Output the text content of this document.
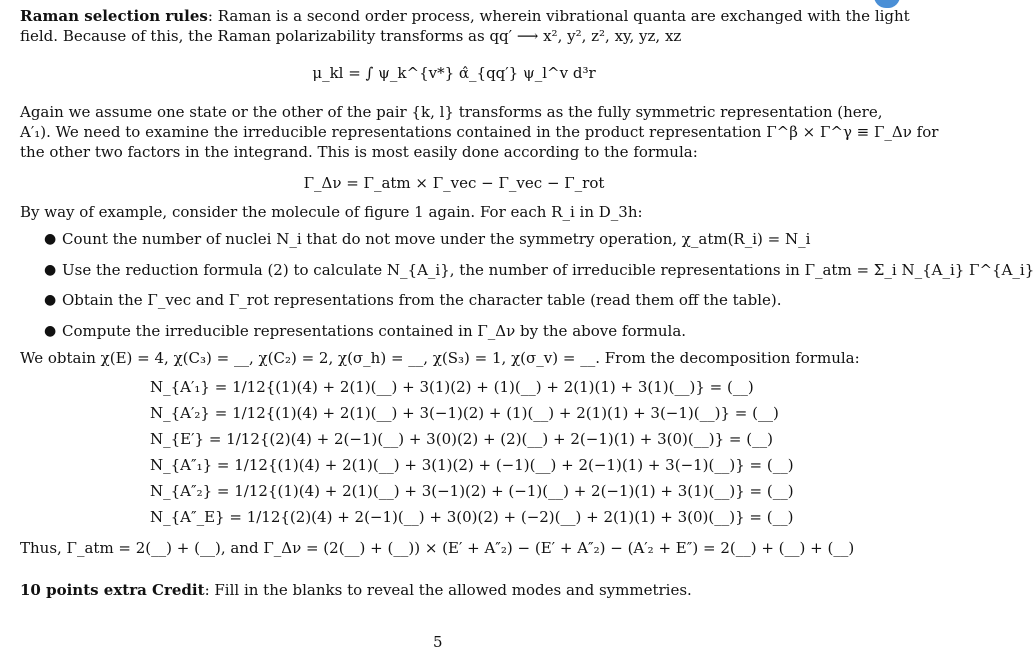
Raman selection rules: Raman is a second order process, wherein vibrational quanta are exchanged with the light
field. Because of this, the Raman polarizability transforms as qq′ ⟶ x², y², z², xy, yz, xz
μ_kl = ∫ ψ_k^{v*} α̂_{qq′} ψ_l^v d³r
Again we assume one state or the other of the pair {k, l} transforms as the fully symmetric representation (here,
A′₁). We need to examine the irreducible representations contained in the product representation Γ^β × Γ^γ ≡ Γ_Δν for
the other two factors in the integrand. This is most easily done according to the formula:
Γ_Δν = Γ_atm × Γ_vec − Γ_vec − Γ_rot
By way of example, consider the molecule of figure 1 again. For each R_i in D_3h:
● Count the number of nuclei N_i that do not move under the symmetry operation, χ_atm(R_i) = N_i
● Use the reduction formula (2) to calculate N_{A_i}, the number of irreducible representations in Γ_atm = Σ_i N_{A_i} Γ^{A_i}
● Obtain the Γ_vec and Γ_rot representations from the character table (read them off the table).
● Compute the irreducible representations contained in Γ_Δν by the above formula.
We obtain χ(E) = 4, χ(C₃) = __, χ(C₂) = 2, χ(σ_h) = __, χ(S₃) = 1, χ(σ_v) = __. From the decomposition formula:
N_{A′₁} = 1/12{(1)(4) + 2(1)(__) + 3(1)(2) + (1)(__) + 2(1)(1) + 3(1)(__)} = (__)
N_{A′₂} = 1/12{(1)(4) + 2(1)(__) + 3(−1)(2) + (1)(__) + 2(1)(1) + 3(−1)(__)} = (__)
N_{E′} = 1/12{(2)(4) + 2(−1)(__) + 3(0)(2) + (2)(__) + 2(−1)(1) + 3(0)(__)} = (__)
N_{A″₁} = 1/12{(1)(4) + 2(1)(__) + 3(1)(2) + (−1)(__) + 2(−1)(1) + 3(−1)(__)} = (__)
N_{A″₂} = 1/12{(1)(4) + 2(1)(__) + 3(−1)(2) + (−1)(__) + 2(−1)(1) + 3(1)(__)} = (__)
N_{A″_E} = 1/12{(2)(4) + 2(−1)(__) + 3(0)(2) + (−2)(__) + 2(1)(1) + 3(0)(__)} = (__)
Thus, Γ_atm = 2(__) + (__), and Γ_Δν = (2(__) + (__)) × (E′ + A″₂) − (E′ + A″₂) − (A′₂ + E″) = 2(__) + (__) + (__)
10 points extra Credit: Fill in the blanks to reveal the allowed modes and symmetries.
5
